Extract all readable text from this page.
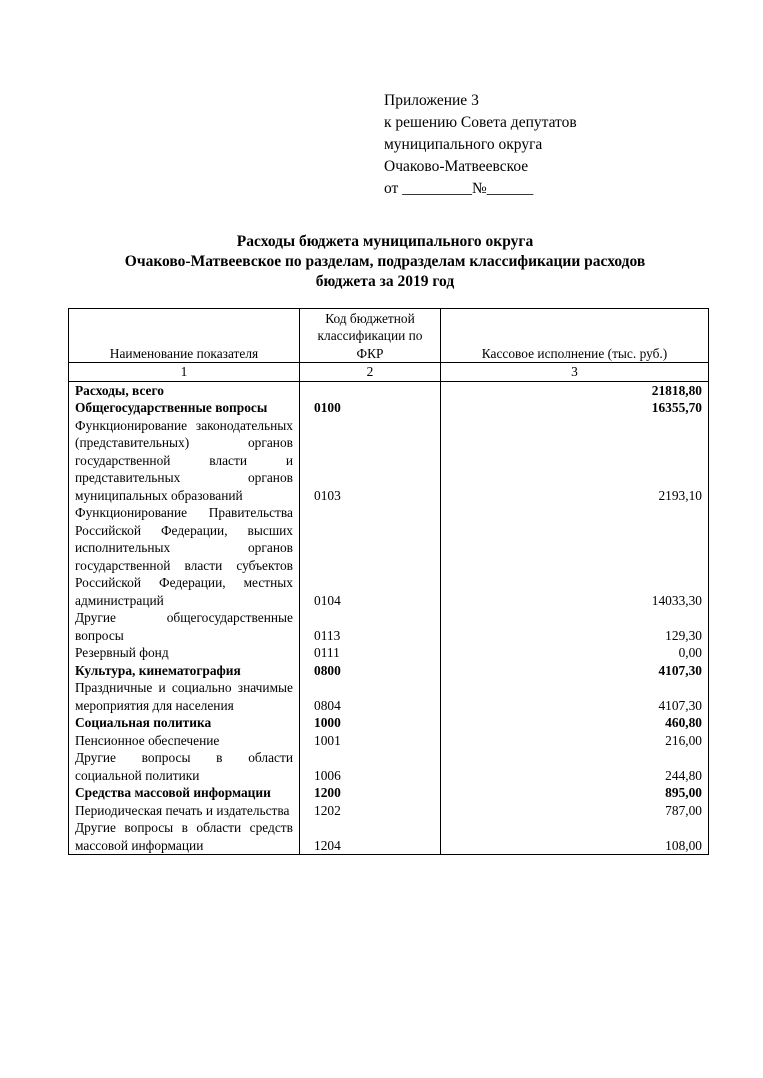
Приложение 3
к решению Совета депутатов
муниципального округа
Очаково-Матвеевское
от _________№______
Расходы бюджета муниципального округа
Очаково-Матвеевское по разделам, подразделам классификации расходов
бюджета за 2019 год
Наименование показателя	Код бюджетной классификации по ФКР	Кассовое исполнение (тыс. руб.)
1	2	3
Расходы, всего		21818,80
Общегосударственные вопросы	0100	16355,70
Функционирование законодательных (представительных) органов государственной власти и представительных органов муниципальных образований	0103	2193,10
Функционирование Правительства Российской Федерации, высших исполнительных органов государственной власти субъектов Российской Федерации, местных администраций	0104	14033,30
Другие общегосударственные вопросы	0113	129,30
Резервный фонд	0111	0,00
Культура, кинематография	0800	4107,30
Праздничные и социально значимые мероприятия для населения	0804	4107,30
Социальная политика	1000	460,80
Пенсионное обеспечение	1001	216,00
Другие вопросы в области социальной политики	1006	244,80
Средства массовой информации	1200	895,00
Периодическая печать и издательства	1202	787,00
Другие вопросы в области средств массовой информации	1204	108,00
